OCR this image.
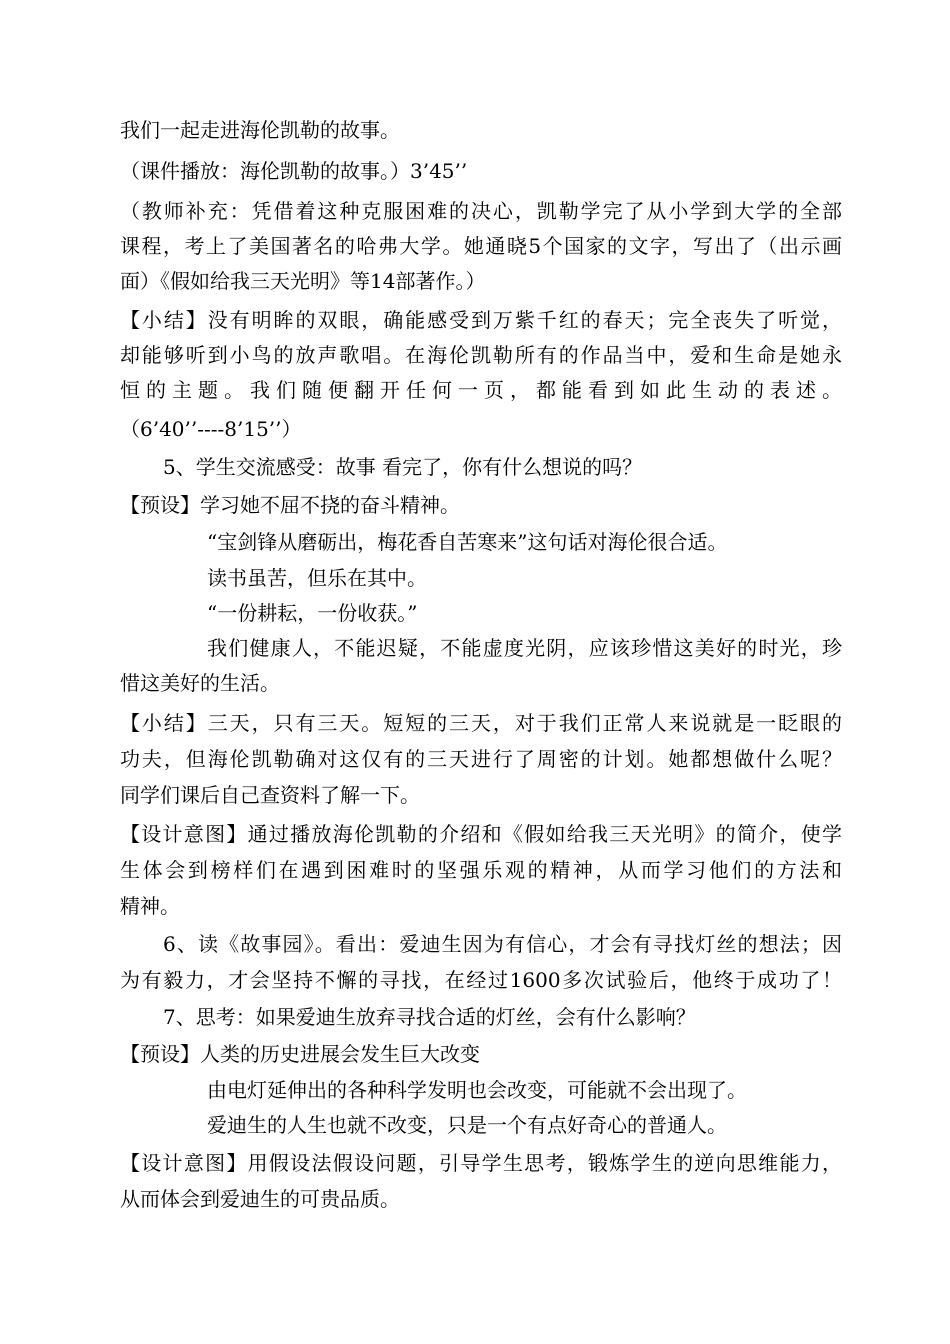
我们一起走进海伦凯勒的故事。
（课件播放：海伦凯勒的故事。）3’45’’
（教师补充：凭借着这种克服困难的决心，凯勒学完了从小学到大学的全部
课程，考上了美国著名的哈弗大学。她通晓5个国家的文字，写出了（出示画
面）《假如给我三天光明》等14部著作。）
【小结】没有明眸的双眼，确能感受到万紫千红的春天；完全丧失了听觉，
却能够听到小鸟的放声歌唱。在海伦凯勒所有的作品当中，爱和生命是她永
恒的主题。我们随便翻开任何一页，都能看到如此生动的表述。
（6’40’’----8’15’’）
5、学生交流感受：故事 看完了，你有什么想说的吗？
【预设】学习她不屈不挠的奋斗精神。
“宝剑锋从磨砺出，梅花香自苦寒来”这句话对海伦很合适。
读书虽苦，但乐在其中。
“一份耕耘，一份收获。”
我们健康人，不能迟疑，不能虚度光阴，应该珍惜这美好的时光，珍
惜这美好的生活。
【小结】三天，只有三天。短短的三天，对于我们正常人来说就是一眨眼的
功夫，但海伦凯勒确对这仅有的三天进行了周密的计划。她都想做什么呢？
同学们课后自己查资料了解一下。
【设计意图】通过播放海伦凯勒的介绍和《假如给我三天光明》的简介，使学
生体会到榜样们在遇到困难时的坚强乐观的精神，从而学习他们的方法和
精神。
6、读《故事园》。看出：爱迪生因为有信心，才会有寻找灯丝的想法；因
为有毅力，才会坚持不懈的寻找，在经过1600多次试验后，他终于成功了！
7、思考：如果爱迪生放弃寻找合适的灯丝，会有什么影响？
【预设】人类的历史进展会发生巨大改变
由电灯延伸出的各种科学发明也会改变，可能就不会出现了。
爱迪生的人生也就不改变，只是一个有点好奇心的普通人。
【设计意图】用假设法假设问题，引导学生思考，锻炼学生的逆向思维能力，
从而体会到爱迪生的可贵品质。
